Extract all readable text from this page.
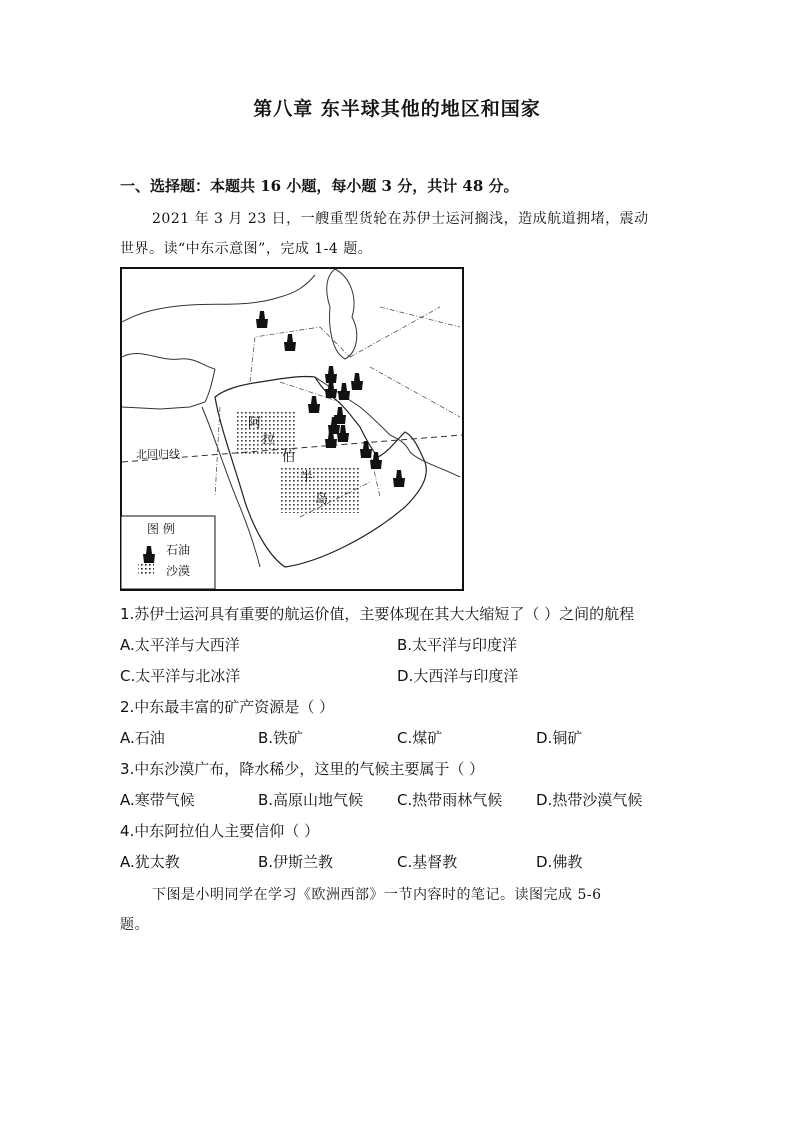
第八章 东半球其他的地区和国家
一、选择题：本题共 16 小题，每小题 3 分，共计 48 分。
2021 年 3 月 23 日，一艘重型货轮在苏伊士运河搁浅，造成航道拥堵，震动
世界。读“中东示意图”，完成 1-4 题。
北回归线
阿
拉
伯
半
岛
图 例
石油
沙漠
1.苏伊士运河具有重要的航运价值，主要体现在其大大缩短了（ ）之间的航程
A.太平洋与大西洋	B.太平洋与印度洋
C.太平洋与北冰洋	D.大西洋与印度洋
2.中东最丰富的矿产资源是（ ）
A.石油	B.铁矿	C.煤矿	D.铜矿
3.中东沙漠广布，降水稀少，这里的气候主要属于（ ）
A.寒带气候	B.高原山地气候 C.热带雨林气候 D.热带沙漠气候
4.中东阿拉伯人主要信仰（ ）
A.犹太教	B.伊斯兰教	C.基督教	D.佛教
下图是小明同学在学习《欧洲西部》一节内容时的笔记。读图完成 5-6
题。
